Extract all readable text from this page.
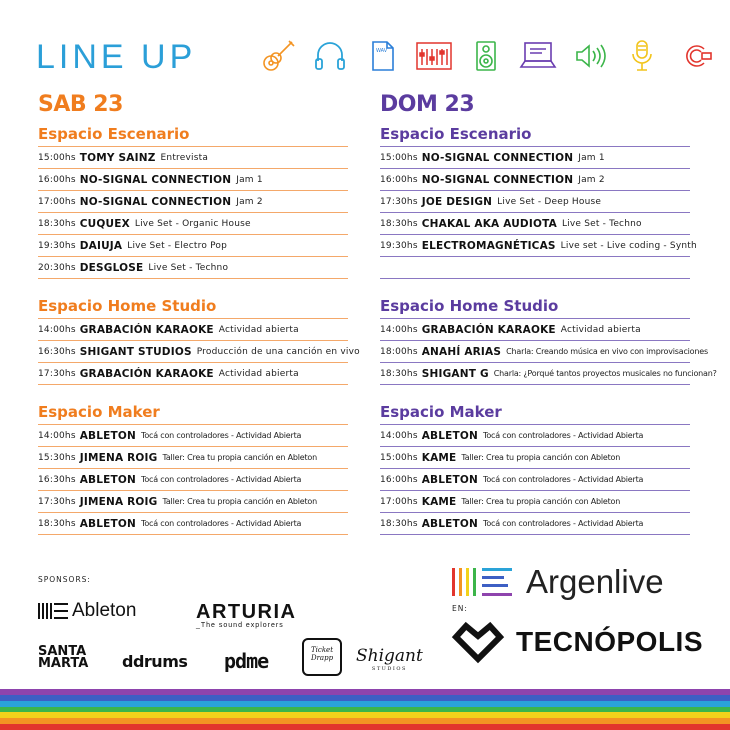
LINE UP	WAV
SAB 23
Espacio Escenario
15:00hs TOMY SAINZ Entrevista
16:00hs NO-SIGNAL CONNECTION Jam 1
17:00hs NO-SIGNAL CONNECTION Jam 2
18:30hs CUQUEX Live Set - Organic House
19:30hs DAIUJA Live Set - Electro Pop
20:30hs DESGLOSE Live Set - Techno
Espacio Home Studio
14:00hs GRABACIÓN KARAOKE Actividad abierta
16:30hs SHIGANT STUDIOS Producción de una canción en vivo
17:30hs GRABACIÓN KARAOKE Actividad abierta
Espacio Maker
14:00hs ABLETON Tocá con controladores - Actividad Abierta
15:30hs JIMENA ROIG Taller: Crea tu propia canción en Ableton
16:30hs ABLETON Tocá con controladores - Actividad Abierta
17:30hs JIMENA ROIG Taller: Crea tu propia canción en Ableton
18:30hs ABLETON Tocá con controladores - Actividad Abierta
DOM 23
Espacio Escenario
15:00hs NO-SIGNAL CONNECTION Jam 1
16:00hs NO-SIGNAL CONNECTION Jam 2
17:30hs JOE DESIGN Live Set - Deep House
18:30hs CHAKAL AKA AUDIOTA Live Set - Techno
19:30hs ELECTROMAGNÉTICAS Live set - Live coding - Synth
Espacio Home Studio
14:00hs GRABACIÓN KARAOKE Actividad abierta
18:00hs ANAHÍ ARIAS Charla: Creando música en vivo con improvisaciones
18:30hs SHIGANT G Charla: ¿Porqué tantos proyectos musicales no funcionan?
Espacio Maker
14:00hs ABLETON Tocá con controladores - Actividad Abierta
15:00hs KAME Taller: Crea tu propia canción con Ableton
16:00hs ABLETON Tocá con controladores - Actividad Abierta
17:00hs KAME Taller: Crea tu propia canción con Ableton
18:30hs ABLETON Tocá con controladores - Actividad Abierta
SPONSORS:
Ableton	ARTURIA
_The sound explorers
SANTA MARTA	ddrums pdme	Ticket Drapp	Shigant
STUDIOS
Argenlive
EN:
TECNÓPOLIS
